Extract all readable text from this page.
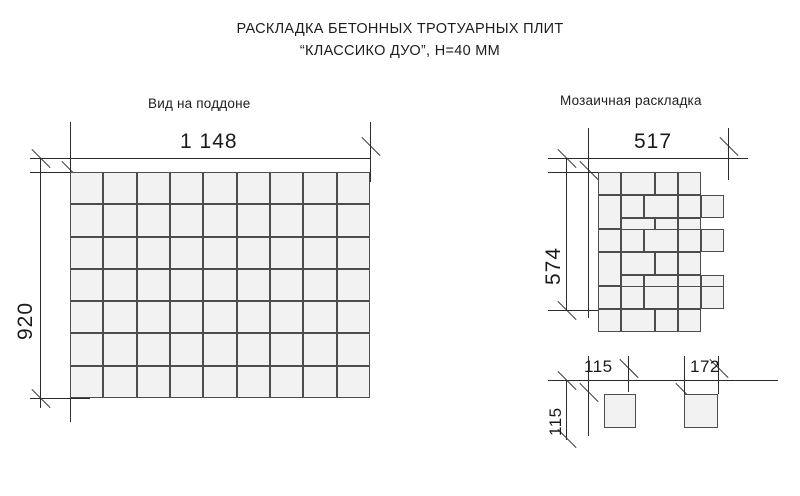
РАСКЛАДКА БЕТОННЫХ ТРОТУАРНЫХ ПЛИТ
“КЛАССИКО ДУО”, Н=40 ММ
Вид на поддоне
1 148
920
Мозаичная раскладка
517
574
115
115
172
